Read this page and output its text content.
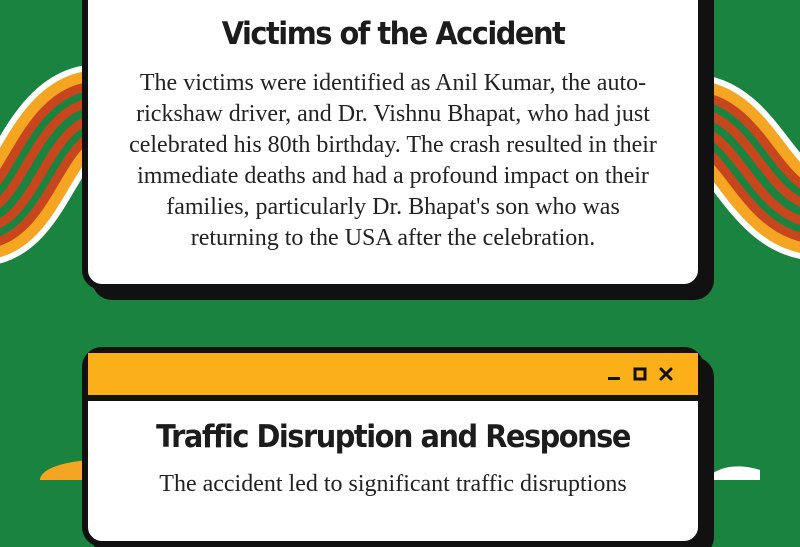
Victims of the Accident

The victims were identified as Anil Kumar, the auto-rickshaw driver, and Dr. Vishnu Bhapat, who had just celebrated his 80th birthday. The crash resulted in their immediate deaths and had a profound impact on their families, particularly Dr. Bhapat's son who was returning to the USA after the celebration.

Traffic Disruption and Response

The accident led to significant traffic disruptions
